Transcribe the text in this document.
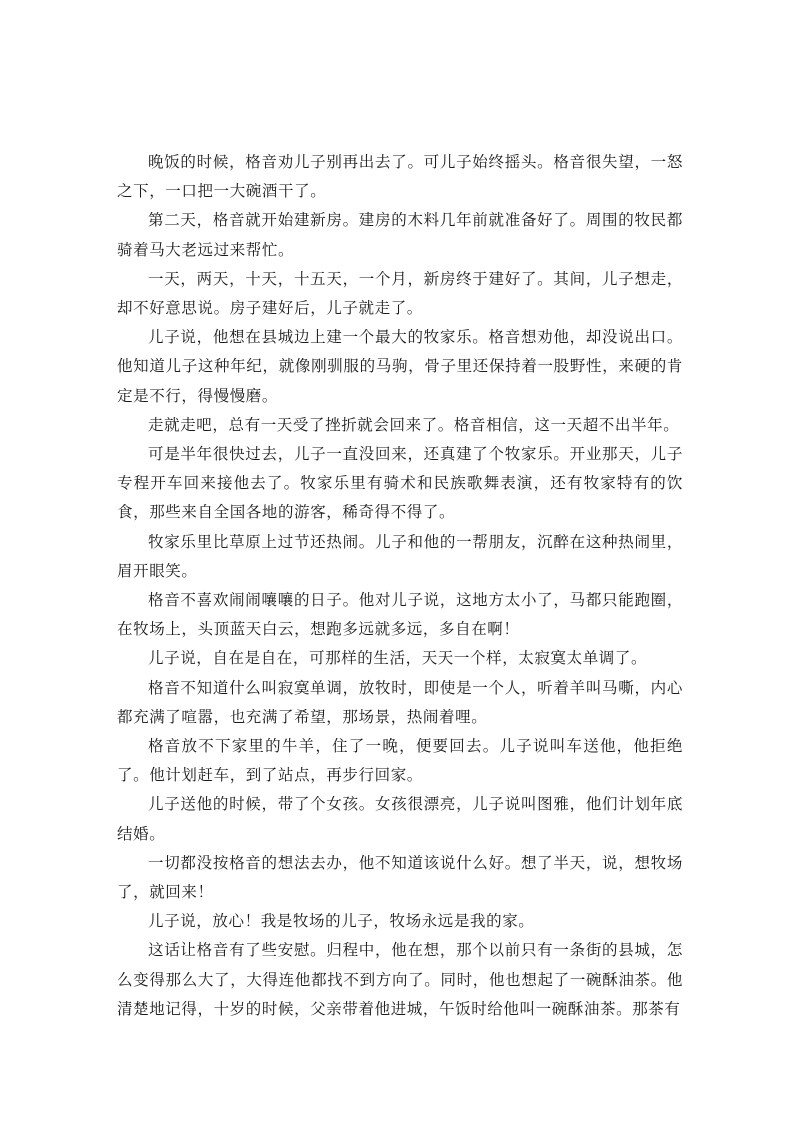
晚饭的时候，格音劝儿子别再出去了。可儿子始终摇头。格音很失望，一怒之下，一口把一大碗酒干了。

第二天，格音就开始建新房。建房的木料几年前就准备好了。周围的牧民都骑着马大老远过来帮忙。

一天，两天，十天，十五天，一个月，新房终于建好了。其间，儿子想走，却不好意思说。房子建好后，儿子就走了。

儿子说，他想在县城边上建一个最大的牧家乐。格音想劝他，却没说出口。他知道儿子这种年纪，就像刚驯服的马驹，骨子里还保持着一股野性，来硬的肯定是不行，得慢慢磨。

走就走吧，总有一天受了挫折就会回来了。格音相信，这一天超不出半年。

可是半年很快过去，儿子一直没回来，还真建了个牧家乐。开业那天，儿子专程开车回来接他去了。牧家乐里有骑术和民族歌舞表演，还有牧家特有的饮食，那些来自全国各地的游客，稀奇得不得了。

牧家乐里比草原上过节还热闹。儿子和他的一帮朋友，沉醉在这种热闹里，眉开眼笑。

格音不喜欢闹闹嚷嚷的日子。他对儿子说，这地方太小了，马都只能跑圈，在牧场上，头顶蓝天白云，想跑多远就多远，多自在啊！

儿子说，自在是自在，可那样的生活，天天一个样，太寂寞太单调了。

格音不知道什么叫寂寞单调，放牧时，即使是一个人，听着羊叫马嘶，内心都充满了喧嚣，也充满了希望，那场景，热闹着哩。

格音放不下家里的牛羊，住了一晚，便要回去。儿子说叫车送他，他拒绝了。他计划赶车，到了站点，再步行回家。

儿子送他的时候，带了个女孩。女孩很漂亮，儿子说叫图雅，他们计划年底结婚。

一切都没按格音的想法去办，他不知道该说什么好。想了半天，说，想牧场了，就回来！

儿子说，放心！我是牧场的儿子，牧场永远是我的家。

这话让格音有了些安慰。归程中，他在想，那个以前只有一条街的县城，怎么变得那么大了，大得连他都找不到方向了。同时，他也想起了一碗酥油茶。他清楚地记得，十岁的时候，父亲带着他进城，午饭时给他叫一碗酥油茶。那茶有
